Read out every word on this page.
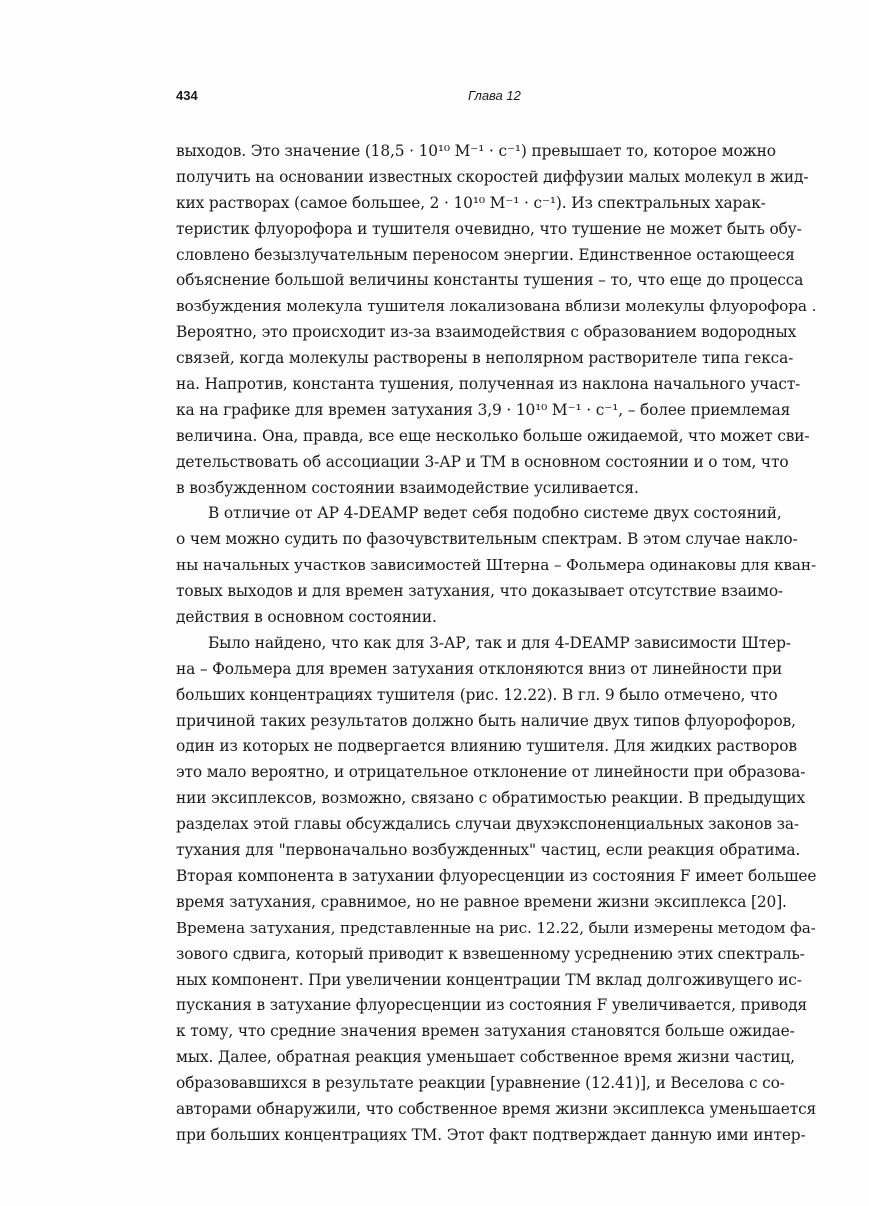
434	Глава 12
выходов. Это значение (18,5 · 10¹⁰ М⁻¹ · с⁻¹) превышает то, которое можно
получить на основании известных скоростей диффузии малых молекул в жид-
ких растворах (самое большее, 2 · 10¹⁰ М⁻¹ · с⁻¹). Из спектральных харак-
теристик флуорофора и тушителя очевидно, что тушение не может быть обу-
словлено безызлучательным переносом энергии. Единственное остающееся
объяснение большой величины константы тушения – то, что еще до процесса
возбуждения молекула тушителя локализована вблизи молекулы флуорофора .
Вероятно, это происходит из-за взаимодействия с образованием водородных
связей, когда молекулы растворены в неполярном растворителе типа гекса-
на. Напротив, константа тушения, полученная из наклона начального участ-
ка на графике для времен затухания 3,9 · 10¹⁰ М⁻¹ · с⁻¹, – более приемлемая
величина. Она, правда, все еще несколько больше ожидаемой, что может сви-
детельствовать об ассоциации 3-АР и ТМ в основном состоянии и о том, что
в возбужденном состоянии взаимодействие усиливается.
В отличие от АР 4-DEAMP ведет себя подобно системе двух состояний,
о чем можно судить по фазочувствительным спектрам. В этом случае накло-
ны начальных участков зависимостей Штерна – Фольмера одинаковы для кван-
товых выходов и для времен затухания, что доказывает отсутствие взаимо-
действия в основном состоянии.
Было найдено, что как для 3-АР, так и для 4-DEAMP зависимости Штер-
на – Фольмера для времен затухания отклоняются вниз от линейности при
больших концентрациях тушителя (рис. 12.22). В гл. 9 было отмечено, что
причиной таких результатов должно быть наличие двух типов флуорофоров,
один из которых не подвергается влиянию тушителя. Для жидких растворов
это мало вероятно, и отрицательное отклонение от линейности при образова-
нии эксиплексов, возможно, связано с обратимостью реакции. В предыдущих
разделах этой главы обсуждались случаи двухэкспоненциальных законов за-
тухания для "первоначально возбужденных" частиц, если реакция обратима.
Вторая компонента в затухании флуоресценции из состояния F имеет большее
время затухания, сравнимое, но не равное времени жизни эксиплекса [20].
Времена затухания, представленные на рис. 12.22, были измерены методом фа-
зового сдвига, который приводит к взвешенному усреднению этих спектраль-
ных компонент. При увеличении концентрации ТМ вклад долгоживущего ис-
пускания в затухание флуоресценции из состояния F увеличивается, приводя
к тому, что средние значения времен затухания становятся больше ожидае-
мых. Далее, обратная реакция уменьшает собственное время жизни частиц,
образовавшихся в результате реакции [уравнение (12.41)], и Веселова с со-
авторами обнаружили, что собственное время жизни эксиплекса уменьшается
при больших концентрациях ТМ. Этот факт подтверждает данную ими интер-
